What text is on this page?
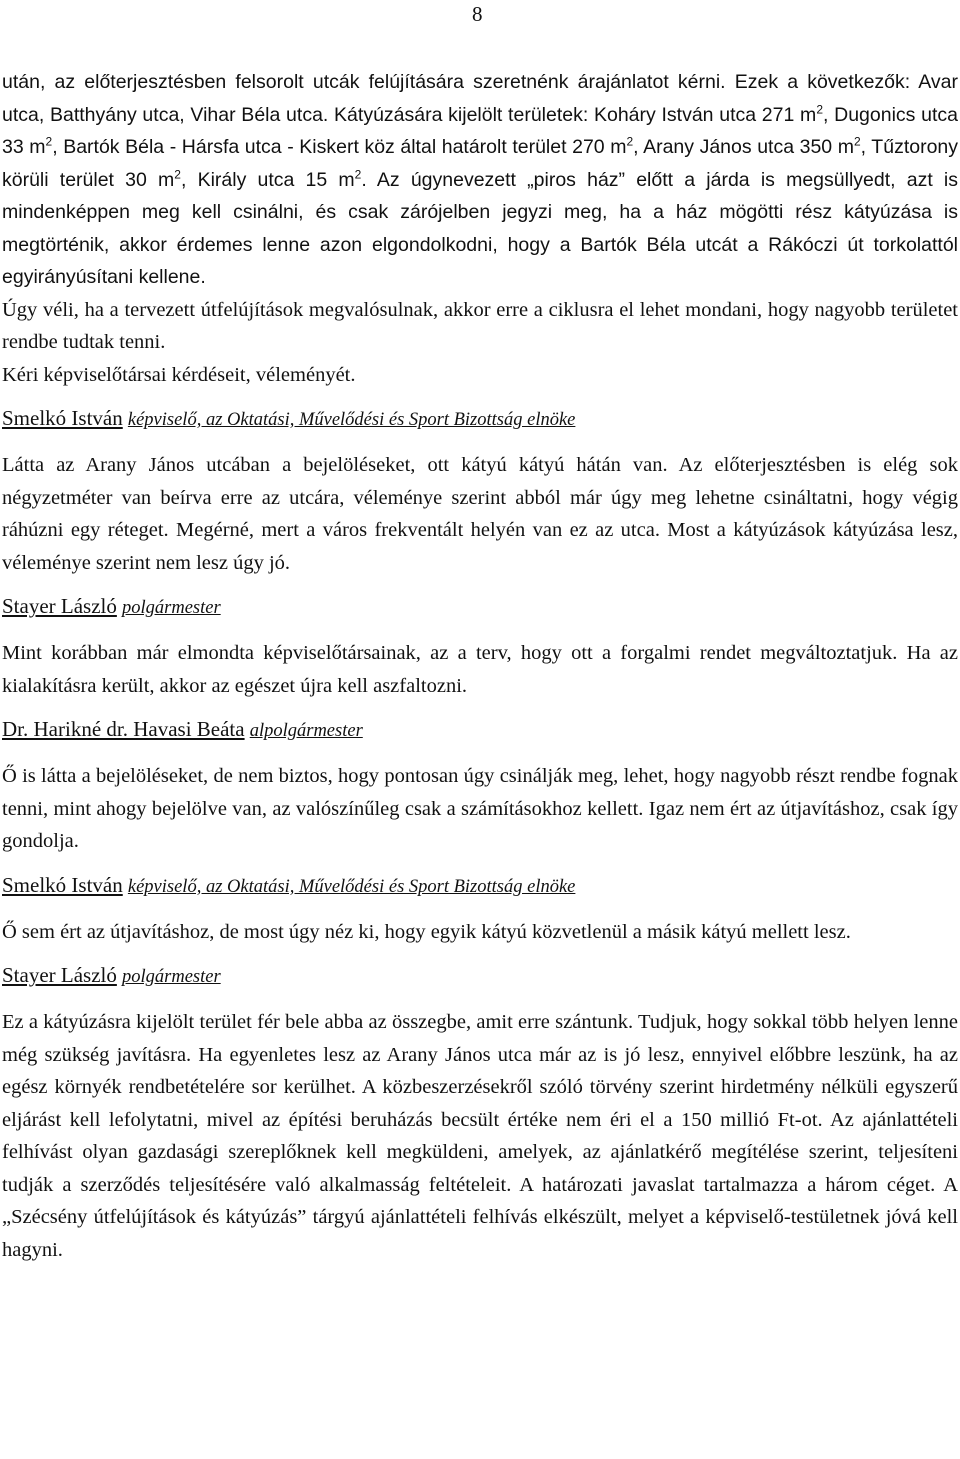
8

után, az előterjesztésben felsorolt utcák felújítására szeretnénk árajánlatot kérni. Ezek a következők: Avar utca, Batthyány utca, Vihar Béla utca. Kátyúzására kijelölt területek: Koháry István utca 271 $m^2$, Dugonics utca 33 $m^2$, Bartók Béla - Hársfa utca - Kiskert köz által határolt terület 270 $m^2$, Arany János utca 350 $m^2$, Tűztorony körüli terület 30 $m^2$, Király utca 15 $m^2$. Az úgynevezett „piros ház” előtt a járda is megsüllyedt, azt is mindenképpen meg kell csinálni, és csak zárójelben jegyzi meg, ha a ház mögötti rész kátyúzása is megtörténik, akkor érdemes lenne azon elgondolkodni, hogy a Bartók Béla utcát a Rákóczi út torkolattól egyirányúsítani kellene.

Úgy véli, ha a tervezett útfelújítások megvalósulnak, akkor erre a ciklusra el lehet mondani, hogy nagyobb területet rendbe tudtak tenni.

Kéri képviselőtársai kérdéseit, véleményét.

Smelkó István képviselő, az Oktatási, Művelődési és Sport Bizottság elnöke

Látta az Arany János utcában a bejelöléseket, ott kátyú kátyú hátán van. Az előterjesztésben is elég sok négyzetméter van beírva erre az utcára, véleménye szerint abból már úgy meg lehetne csináltatni, hogy végig ráhúzni egy réteget. Megérné, mert a város frekventált helyén van ez az utca. Most a kátyúzások kátyúzása lesz, véleménye szerint nem lesz úgy jó.

Stayer László polgármester

Mint korábban már elmondta képviselőtársainak, az a terv, hogy ott a forgalmi rendet megváltoztatjuk. Ha az kialakításra került, akkor az egészet újra kell aszfaltozni.

Dr. Harikné dr. Havasi Beáta alpolgármester

Ő is látta a bejelöléseket, de nem biztos, hogy pontosan úgy csinálják meg, lehet, hogy nagyobb részt rendbe fognak tenni, mint ahogy bejelölve van, az valószínűleg csak a számításokhoz kellett. Igaz nem ért az útjavításhoz, csak így gondolja.

Smelkó István képviselő, az Oktatási, Művelődési és Sport Bizottság elnöke

Ő sem ért az útjavításhoz, de most úgy néz ki, hogy egyik kátyú közvetlenül a másik kátyú mellett lesz.

Stayer László polgármester

Ez a kátyúzásra kijelölt terület fér bele abba az összegbe, amit erre szántunk. Tudjuk, hogy sokkal több helyen lenne még szükség javításra. Ha egyenletes lesz az Arany János utca már az is jó lesz, ennyivel előbbre leszünk, ha az egész környék rendbetételére sor kerülhet. A közbeszerzésekről szóló törvény szerint hirdetmény nélküli egyszerű eljárást kell lefolytatni, mivel az építési beruházás becsült értéke nem éri el a 150 millió Ft-ot. Az ajánlattételi felhívást olyan gazdasági szereplőknek kell megküldeni, amelyek, az ajánlatkérő megítélése szerint, teljesíteni tudják a szerződés teljesítésére való alkalmasság feltételeit. A határozati javaslat tartalmazza a három céget. A „Szécsény útfelújítások és kátyúzás” tárgyú ajánlattételi felhívás elkészült, melyet a képviselő-testületnek jóvá kell hagyni.
